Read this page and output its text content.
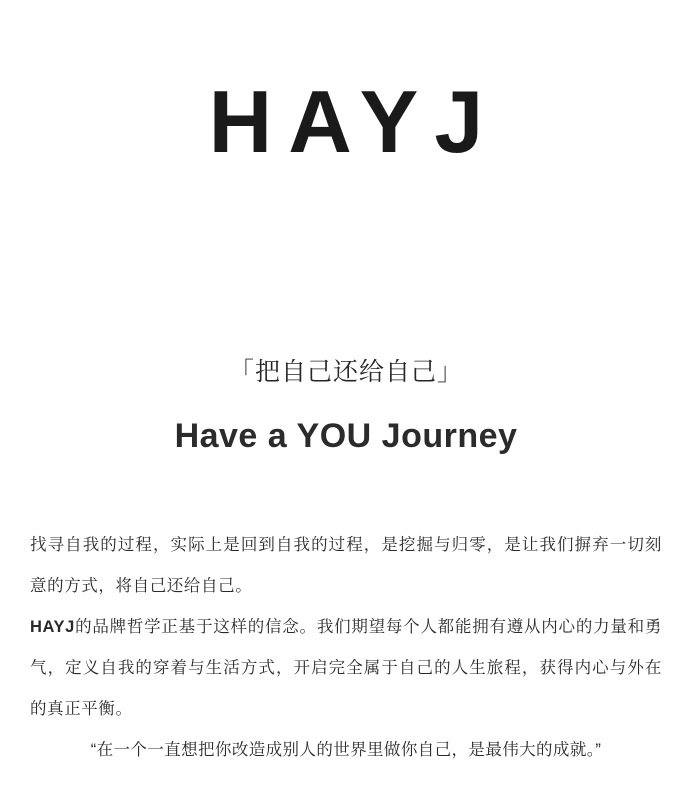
HAYJ
「把自己还给自己」
Have a YOU Journey

找寻自我的过程，实际上是回到自我的过程，是挖掘与归零，是让我们摒弃一切刻意的方式，将自己还给自己。

HAYJ的品牌哲学正基于这样的信念。我们期望每个人都能拥有遵从内心的力量和勇气，定义自我的穿着与生活方式，开启完全属于自己的人生旅程，获得内心与外在的真正平衡。

“在一个一直想把你改造成别人的世界里做你自己，是最伟大的成就。”
